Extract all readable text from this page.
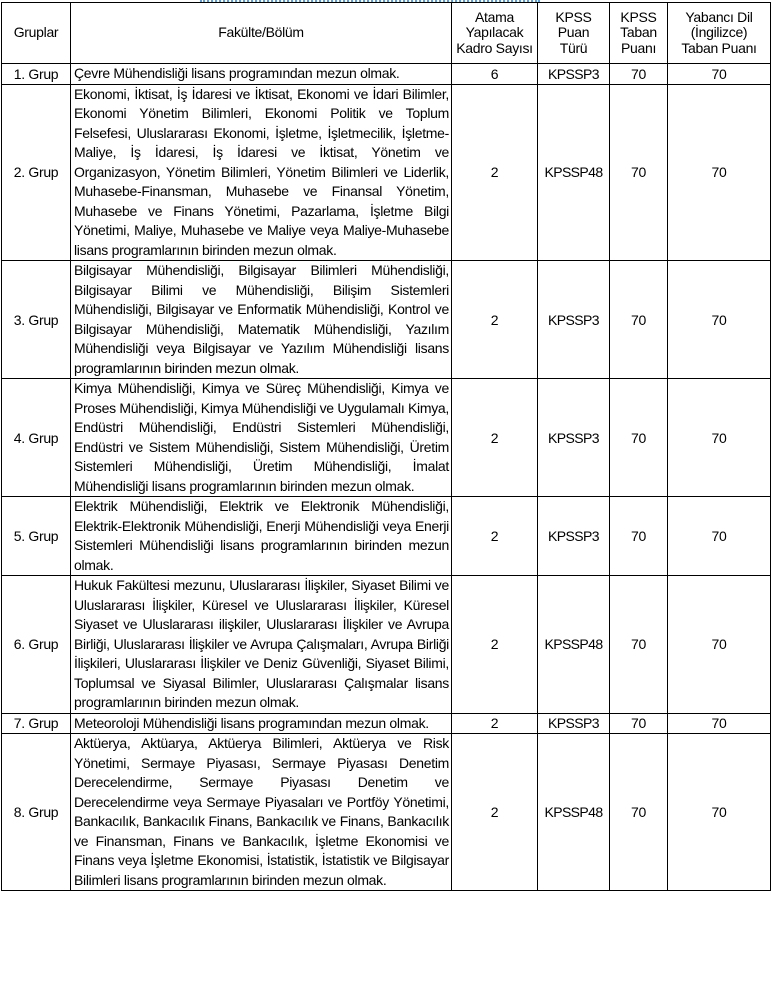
Gruplar	Fakülte/Bölüm	Atama
Yapılacak
Kadro Sayısı	KPSS
Puan
Türü	KPSS
Taban
Puanı	Yabancı Dil
(İngilizce)
Taban Puanı
1. Grup	Çevre Mühendisliği lisans programından mezun olmak.	6	KPSSP3	70	70
2. Grup	Ekonomi, İktisat, İş İdaresi ve İktisat, Ekonomi ve İdari Bilimler, Ekonomi Yönetim Bilimleri, Ekonomi Politik ve Toplum Felsefesi, Uluslararası Ekonomi, İşletme, İşletmecilik, İşletme-Maliye, İş İdaresi, İş İdaresi ve İktisat, Yönetim ve Organizasyon, Yönetim Bilimleri, Yönetim Bilimleri ve Liderlik, Muhasebe-Finansman, Muhasebe ve Finansal Yönetim, Muhasebe ve Finans Yönetimi, Pazarlama, İşletme Bilgi Yönetimi, Maliye, Muhasebe ve Maliye veya Maliye-Muhasebe lisans programlarının birinden mezun olmak.	2	KPSSP48	70	70
3. Grup	Bilgisayar Mühendisliği, Bilgisayar Bilimleri Mühendisliği, Bilgisayar Bilimi ve Mühendisliği, Bilişim Sistemleri Mühendisliği, Bilgisayar ve Enformatik Mühendisliği, Kontrol ve Bilgisayar Mühendisliği, Matematik Mühendisliği, Yazılım Mühendisliği veya Bilgisayar ve Yazılım Mühendisliği lisans programlarının birinden mezun olmak.	2	KPSSP3	70	70
4. Grup	Kimya Mühendisliği, Kimya ve Süreç Mühendisliği, Kimya ve Proses Mühendisliği, Kimya Mühendisliği ve Uygulamalı Kimya, Endüstri Mühendisliği, Endüstri Sistemleri Mühendisliği, Endüstri ve Sistem Mühendisliği, Sistem Mühendisliği, Üretim Sistemleri Mühendisliği, Üretim Mühendisliği, İmalat Mühendisliği lisans programlarının birinden mezun olmak.	2	KPSSP3	70	70
5. Grup	Elektrik Mühendisliği, Elektrik ve Elektronik Mühendisliği, Elektrik-Elektronik Mühendisliği, Enerji Mühendisliği veya Enerji Sistemleri Mühendisliği lisans programlarının birinden mezun olmak.	2	KPSSP3	70	70
6. Grup	Hukuk Fakültesi mezunu, Uluslararası İlişkiler, Siyaset Bilimi ve Uluslararası İlişkiler, Küresel ve Uluslararası İlişkiler, Küresel Siyaset ve Uluslararası ilişkiler, Uluslararası İlişkiler ve Avrupa Birliği, Uluslararası İlişkiler ve Avrupa Çalışmaları, Avrupa Birliği İlişkileri, Uluslararası İlişkiler ve Deniz Güvenliği, Siyaset Bilimi, Toplumsal ve Siyasal Bilimler, Uluslararası Çalışmalar lisans programlarının birinden mezun olmak.	2	KPSSP48	70	70
7. Grup	Meteoroloji Mühendisliği lisans programından mezun olmak.	2	KPSSP3	70	70
8. Grup	Aktüerya, Aktüarya, Aktüerya Bilimleri, Aktüerya ve Risk Yönetimi, Sermaye Piyasası, Sermaye Piyasası Denetim Derecelendirme, Sermaye Piyasası Denetim ve Derecelendirme veya Sermaye Piyasaları ve Portföy Yönetimi, Bankacılık, Bankacılık Finans, Bankacılık ve Finans, Bankacılık ve Finansman, Finans ve Bankacılık, İşletme Ekonomisi ve Finans veya İşletme Ekonomisi, İstatistik, İstatistik ve Bilgisayar Bilimleri lisans programlarının birinden mezun olmak.	2	KPSSP48	70	70
